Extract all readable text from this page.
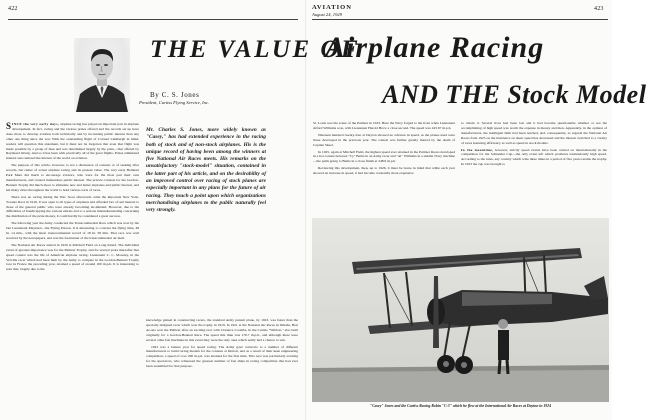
422	AVIATION
August 24, 1929
423
THE VALUE OF
Airplane Racing
AND THE Stock Model
By C. S. Jones
President, Curtiss Flying Service, Inc.
Mr. Charles S. Jones, more widely known as "Casey," has had extended experience in the racing both of stock and of non-stock airplanes. His is the unique record of having been among the winners at five National Air Races meets. His remarks on the unsatisfactory "stock-model" situation, contained in the latter part of his article, and on the desirability of an improved control over racing of stock planes are especially important in any plans for the future of air racing. They touch a point upon which organizations merchandising airplanes to the public naturally feel very strongly.

SINCE the very early days, airplane racing has played an important part in airplane development. In fact, racing and the various prizes offered and the records set up have done more to develop aviation both technically and by increasing public interest than any other one thing since the war. With the outstanding flight of Colonel Lindbergh in mind, readers will question this statement, but it must not be forgotten that even that flight was made possible by a group of men and was determined largely by the prize—that offered by Raymond Orteig. And so it has been with practically all of the great flights. Prizes stimulated interest and centered the interest of the world on aviation.

The purpose of this article, however, is not a discussion of contests or of seeking after records, but rather of actual airplane racing and its present value. The very early Belmont Park Meet did much to encourage aviators, who were for the most part their own manufacturers, and created tremendous public interest. The private contests for the Gordon-Bennett Trophy did much more to stimulate new and better airplanes and public interest, and led many cities throughout the world to hold various sorts of races.

There was no racing during the War. Soon afterwards came the important New York-Toronto Race in 1919. It was open to all types of airplanes and afforded lots of real interest to those of the general public who were already becoming air-minded. However, due to the difficulties of handicapping the various entries and to a serious misunderstanding concerning the distribution of the prize money, it could hardly be considered a great success.

The following year the Army conducted the Transcontinental Race which was won by the late Lieutenant Maynard—the Flying Parson. It is interesting to contrast the flying time, 48 hr. 14 min., with the latest transcontinental record of 18 hr. 58 min. That race was well received by the newspapers, and was the forerunner of the transcontinental air mail.

The National Air Races started in 1920 at Mitchell Field on Long Island. The individual event of greatest importance was for the Pulitzer Trophy, and for several years thereafter that speed contest was the life of American airplane racing. Lieutenant C. C. Moseley, in the Verville racer which had been built by the Army to compete in the Gordon-Bennett Trophy race in France the preceding year, attained a speed of around 160 m.p.h. It is interesting to note that, largely due to the

knowledge gained in constructing racers, the standard Army pursuit plane, by 1923, was faster than the specially designed racer which won the trophy in 1919. In 1921 at the National Air Races in Omaha, Bert Acosta won the Pulitzer after an exciting race with Clarence Coombs, in the Curtiss "Wildcat," also built originally for a Gordon-Bennett Race. The speed this time was 176.7 m.p.h., and although there were several other fast machines in this event they were the only ones which really had a chance to win.

1922 was a banner year for speed racing. The Army gave contracts to a number of different manufacturers to build racing models for the contests at Detroit, and as a result of their keen engineering competition, a speed of over 200 m.p.h. was attained for the first time. This race was particularly exciting for the spectators, who witnessed the greatest number of fast ships in racing competition that had ever been assembled for that purpose.

St. Louis was the scene of the Pulitzer in 1923. Here the Navy forged to the front when Lieutenant Alford Williams won, with Lieutenant Harold Brow a close second. The speed was 243.67 m.p.h.

Nineteen hundred twenty-four at Dayton showed no advance in speed, as the planes used were those developed in the previous year. The contest was further greatly marred by the death of Captain Skeel.

In 1925, again at Mitchell Field, the highest speed ever attained in the Pulitzer Races developed in a hot contest between "Cy" Bettis in an Army racer and "Al" Williams in a similar Navy machine—the palm going to Bettis in a close finish at 248.9 m.p.h.

Reviewing this development, then, up to 1926, it must be borne in mind that while each year showed an increase in speed, it had become constantly more expensive

to obtain it. Several lives had been lost and it had become questionable whether or not the accomplishing of high speed was worth the expense in money and men. Apparently, in the opinion of manufacturers, the intelligent limit had been reached, and, consequently, as regards the National Air Races from 1925 on the insistence on sheer speed has decreased and the interest switched to a variety of races featuring efficiency as well as speed in stock models.

In the meantime, however, strictly speed events have been carried on internationally in the competition for the Schneider Cup—the only event left which promotes tremendously high speed. According to the rules, any country which wins three times in a period of five years retains the trophy. In 1923 the cup was brought to

"Casey" Jones and the Curtiss Racing Robin "C-3" which he flew at the International Air Races at Dayton in 1924
